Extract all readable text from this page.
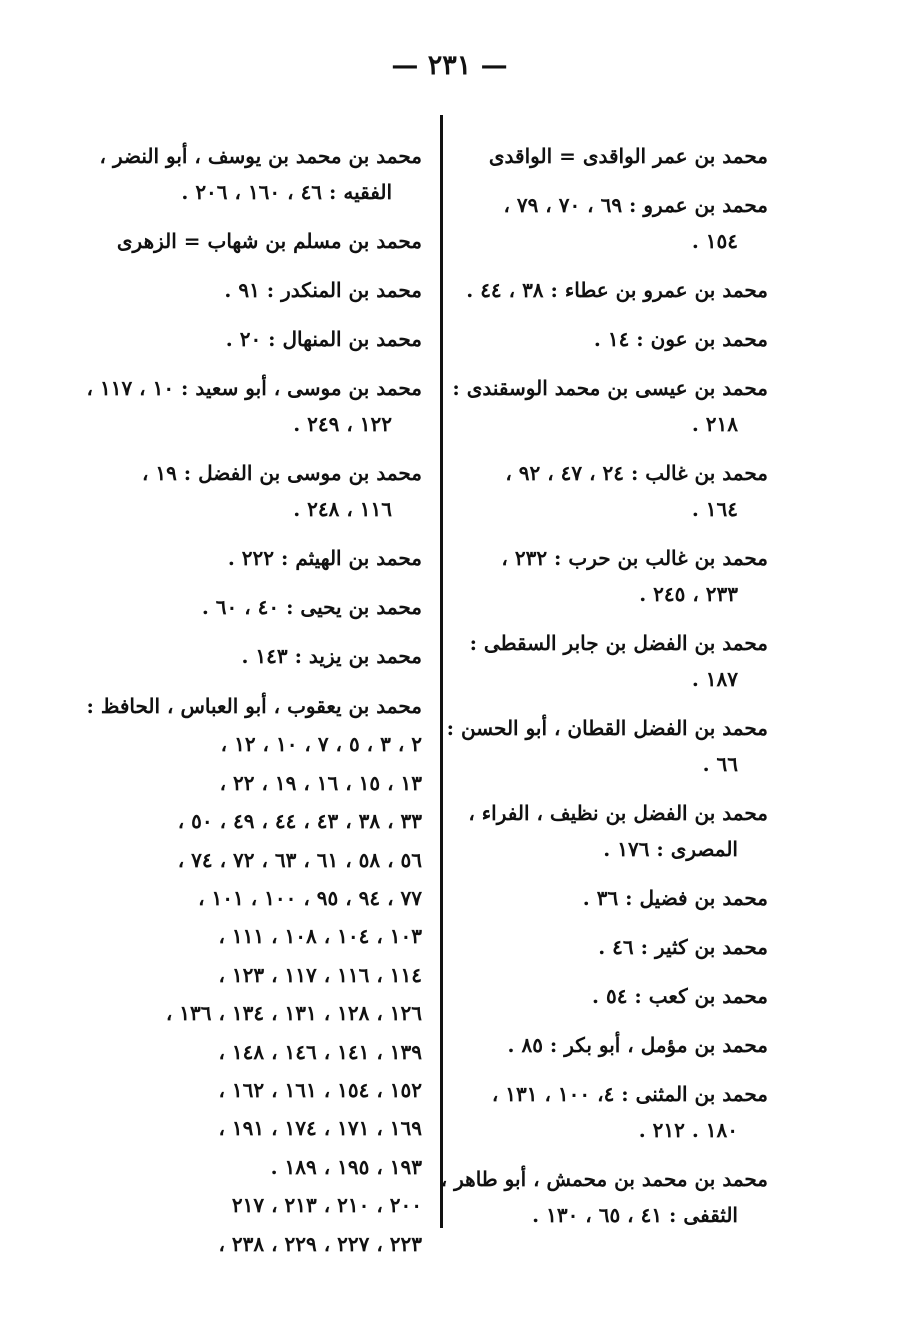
— ٢٣١ —
محمد بن عمر الواقدى = الواقدى
محمد بن عمرو : ٦٩ ، ٧٠ ، ٧٩ ،
١٥٤ .
محمد بن عمرو بن عطاء : ٣٨ ، ٤٤ .
محمد بن عون : ١٤ .
محمد بن عيسى بن محمد الوسقندى :
٢١٨ .
محمد بن غالب : ٢٤ ، ٤٧ ، ٩٢ ،
١٦٤ .
محمد بن غالب بن حرب : ٢٣٢ ،
٢٣٣ ، ٢٤٥ .
محمد بن الفضل بن جابر السقطى :
١٨٧ .
محمد بن الفضل القطان ، أبو الحسن :
٦٦ .
محمد بن الفضل بن نظيف ، الفراء ،
المصرى : ١٧٦ .
محمد بن فضيل : ٣٦ .
محمد بن كثير : ٤٦ .
محمد بن كعب : ٥٤ .
محمد بن مؤمل ، أبو بكر : ٨٥ .
محمد بن المثنى : ٤، ١٠٠ ، ١٣١ ،
١٨٠ . ٢١٢ .
محمد بن محمد بن محمش ، أبو طاهر ،
الثقفى : ٤١ ، ٦٥ ، ١٣٠ .
محمد بن محمد بن يوسف ، أبو النضر ،
الفقيه : ٤٦ ، ١٦٠ ، ٢٠٦ .
محمد بن مسلم بن شهاب = الزهرى
محمد بن المنكدر : ٩١ .
محمد بن المنهال : ٢٠ .
محمد بن موسى ، أبو سعيد : ١٠ ، ١١٧ ،
١٢٢ ، ٢٤٩ .
محمد بن موسى بن الفضل : ١٩ ،
١١٦ ، ٢٤٨ .
محمد بن الهيثم : ٢٢٢ .
محمد بن يحيى : ٤٠ ، ٦٠ .
محمد بن يزيد : ١٤٣ .
محمد بن يعقوب ، أبو العباس ، الحافظ :
٢ ، ٣ ، ٥ ، ٧ ، ١٠ ، ١٢ ،
١٣ ، ١٥ ، ١٦ ، ١٩ ، ٢٢ ،
٣٣ ، ٣٨ ، ٤٣ ، ٤٤ ، ٤٩ ، ٥٠ ،
٥٦ ، ٥٨ ، ٦١ ، ٦٣ ، ٧٢ ، ٧٤ ،
٧٧ ، ٩٤ ، ٩٥ ، ١٠٠ ، ١٠١ ،
١٠٣ ، ١٠٤ ، ١٠٨ ، ١١١ ،
١١٤ ، ١١٦ ، ١١٧ ، ١٢٣ ،
١٢٦ ، ١٢٨ ، ١٣١ ، ١٣٤ ، ١٣٦ ،
١٣٩ ، ١٤١ ، ١٤٦ ، ١٤٨ ،
١٥٢ ، ١٥٤ ، ١٦١ ، ١٦٢ ،
١٦٩ ، ١٧١ ، ١٧٤ ، ١٩١ ،
١٩٣ ، ١٩٥ ، ١٨٩ .
٢٠٠ ، ٢١٠ ، ٢١٣ ، ٢١٧
٢٢٣ ، ٢٢٧ ، ٢٢٩ ، ٢٣٨ ،
